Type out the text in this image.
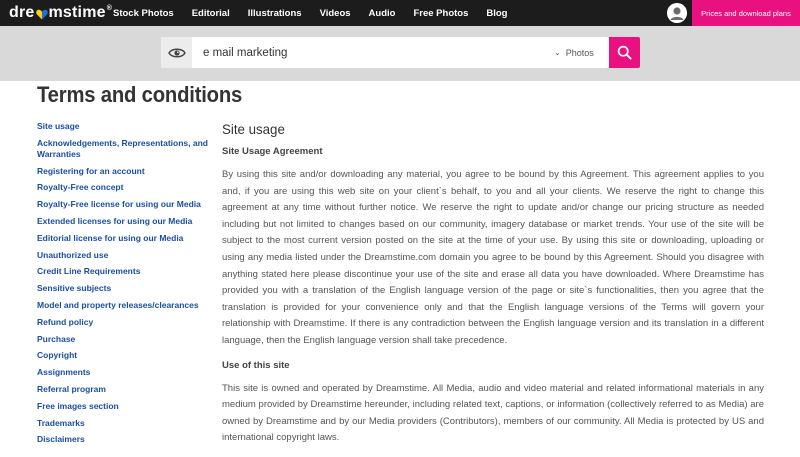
dre mstime ® Stock Photos Editorial Illustrations Videos Audio Free Photos Blog	Prices and download plans
e mail marketing
⌄ Photos
Terms and conditions
Site usage
Acknowledgements, Representations, and Warranties
Registering for an account
Royalty-Free concept
Royalty-Free license for using our Media
Extended licenses for using our Media
Editorial license for using our Media
Unauthorized use
Credit Line Requirements
Sensitive subjects
Model and property releases/clearances
Refund policy
Purchase
Copyright
Assignments
Referral program
Free images section
Trademarks
Disclaimers
Site usage
Site Usage Agreement

By using this site and/or downloading any material, you agree to be bound by this Agreement. This agreement applies to you and, if you are using this web site on your client`s behalf, to you and all your clients. We reserve the right to change this agreement at any time without further notice. We reserve the right to update and/or change our pricing structure as needed including but not limited to changes based on our community, imagery database or market trends. Your use of the site will be subject to the most current version posted on the site at the time of your use. By using this site or downloading, uploading or using any media listed under the Dreamstime.com domain you agree to be bound by this Agreement. Should you disagree with anything stated here please discontinue your use of the site and erase all data you have downloaded. Where Dreamstime has provided you with a translation of the English language version of the page or site`s functionalities, then you agree that the translation is provided for your convenience only and that the English language versions of the Terms will govern your relationship with Dreamstime. If there is any contradiction between the English language version and its translation in a different language, then the English language version shall take precedence.

Use of this site

This site is owned and operated by Dreamstime. All Media, audio and video material and related informational materials in any medium provided by Dreamstime hereunder, including related text, captions, or information (collectively referred to as Media) are owned by Dreamstime and by our Media providers (Contributors), members of our community. All Media is protected by US and international copyright laws.
